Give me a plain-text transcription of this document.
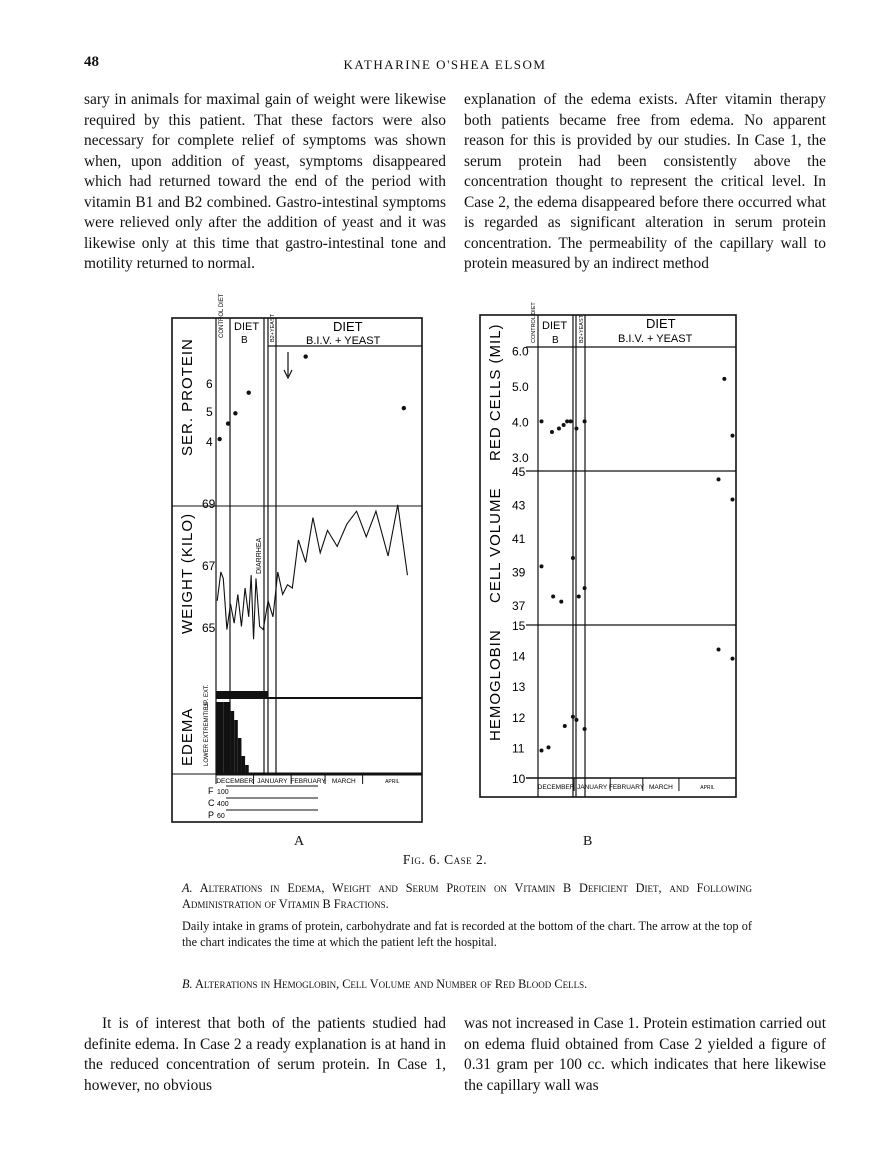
48	KATHARINE O'SHEA ELSOM

sary in animals for maximal gain of weight were likewise required by this patient. That these factors were also necessary for complete relief of symptoms was shown when, upon addition of yeast, symptoms disappeared which had returned toward the end of the period with vitamin B1 and B2 combined. Gastro-intestinal symptoms were relieved only after the addition of yeast and it was likewise only at this time that gastro-intestinal tone and motility returned to normal.

explanation of the edema exists. After vitamin therapy both patients became free from edema. No apparent reason for this is provided by our studies. In Case 1, the serum protein had been consistently above the concentration thought to represent the critical level. In Case 2, the edema disappeared before there occurred what is regarded as significant alteration in serum protein concentration. The permeability of the capillary wall to protein measured by an indirect method

CONTROL DIET DIET
B	B2+YEAST	DIET
B.I.V. + YEAST
SER. PROTEIN
WEIGHT (KILO)
EDEMA LOWER EXTREMITIES
UP. EXT.
6
5
4
69
67
65
DIARRHEA
DECEMBER JANUARY FEBRUARY MARCH	APRIL
F
C
P
100
400
60
A
CONTROL DIET DIET
B	B2+YEAST	DIET
B.I.V. + YEAST
RED CELLS (MIL)
CELL VOLUME
HEMOGLOBIN
6.0
5.0
4.0
3.0
45
43
41
39
37
15
14
13
12
11
10
DECEMBER JANUARY FEBRUARY MARCH	APRIL
B
Fig. 6. Case 2.
A. Alterations in Edema, Weight and Serum Protein on Vitamin B Deficient Diet, and Following Administration of Vitamin B Fractions.
Daily intake in grams of protein, carbohydrate and fat is recorded at the bottom of the chart. The arrow at the top of the chart indicates the time at which the patient left the hospital.
B. Alterations in Hemoglobin, Cell Volume and Number of Red Blood Cells.

It is of interest that both of the patients studied had definite edema. In Case 2 a ready explanation is at hand in the reduced concentration of serum protein. In Case 1, however, no obvious

was not increased in Case 1. Protein estimation carried out on edema fluid obtained from Case 2 yielded a figure of 0.31 gram per 100 cc. which indicates that here likewise the capillary wall was
